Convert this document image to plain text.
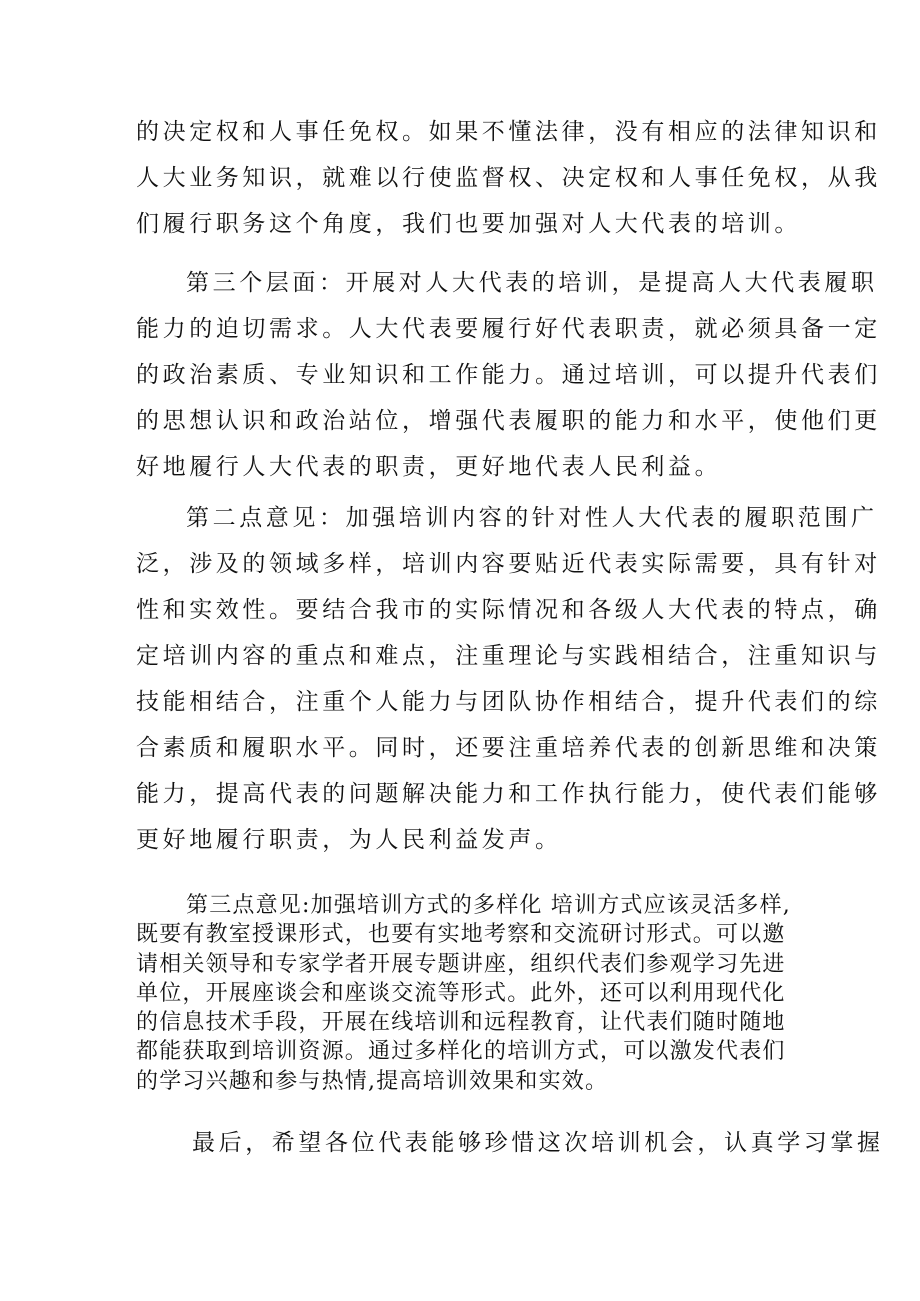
的决定权和人事任免权。如果不懂法律，没有相应的法律知识和
人大业务知识，就难以行使监督权、决定权和人事任免权，从我
们履行职务这个角度，我们也要加强对人大代表的培训。
第三个层面：开展对人大代表的培训，是提高人大代表履职
能力的迫切需求。人大代表要履行好代表职责，就必须具备一定
的政治素质、专业知识和工作能力。通过培训，可以提升代表们
的思想认识和政治站位，增强代表履职的能力和水平，使他们更
好地履行人大代表的职责，更好地代表人民利益。
第二点意见：加强培训内容的针对性人大代表的履职范围广
泛，涉及的领域多样，培训内容要贴近代表实际需要，具有针对
性和实效性。要结合我市的实际情况和各级人大代表的特点，确
定培训内容的重点和难点，注重理论与实践相结合，注重知识与
技能相结合，注重个人能力与团队协作相结合，提升代表们的综
合素质和履职水平。同时，还要注重培养代表的创新思维和决策
能力，提高代表的问题解决能力和工作执行能力，使代表们能够
更好地履行职责，为人民利益发声。
第三点意见:加强培训方式的多样化 培训方式应该灵活多样,
既要有教室授课形式，也要有实地考察和交流研讨形式。可以邀
请相关领导和专家学者开展专题讲座，组织代表们参观学习先进
单位，开展座谈会和座谈交流等形式。此外，还可以利用现代化
的信息技术手段，开展在线培训和远程教育，让代表们随时随地
都能获取到培训资源。通过多样化的培训方式，可以激发代表们
的学习兴趣和参与热情,提高培训效果和实效。
最后，希望各位代表能够珍惜这次培训机会，认真学习掌握
